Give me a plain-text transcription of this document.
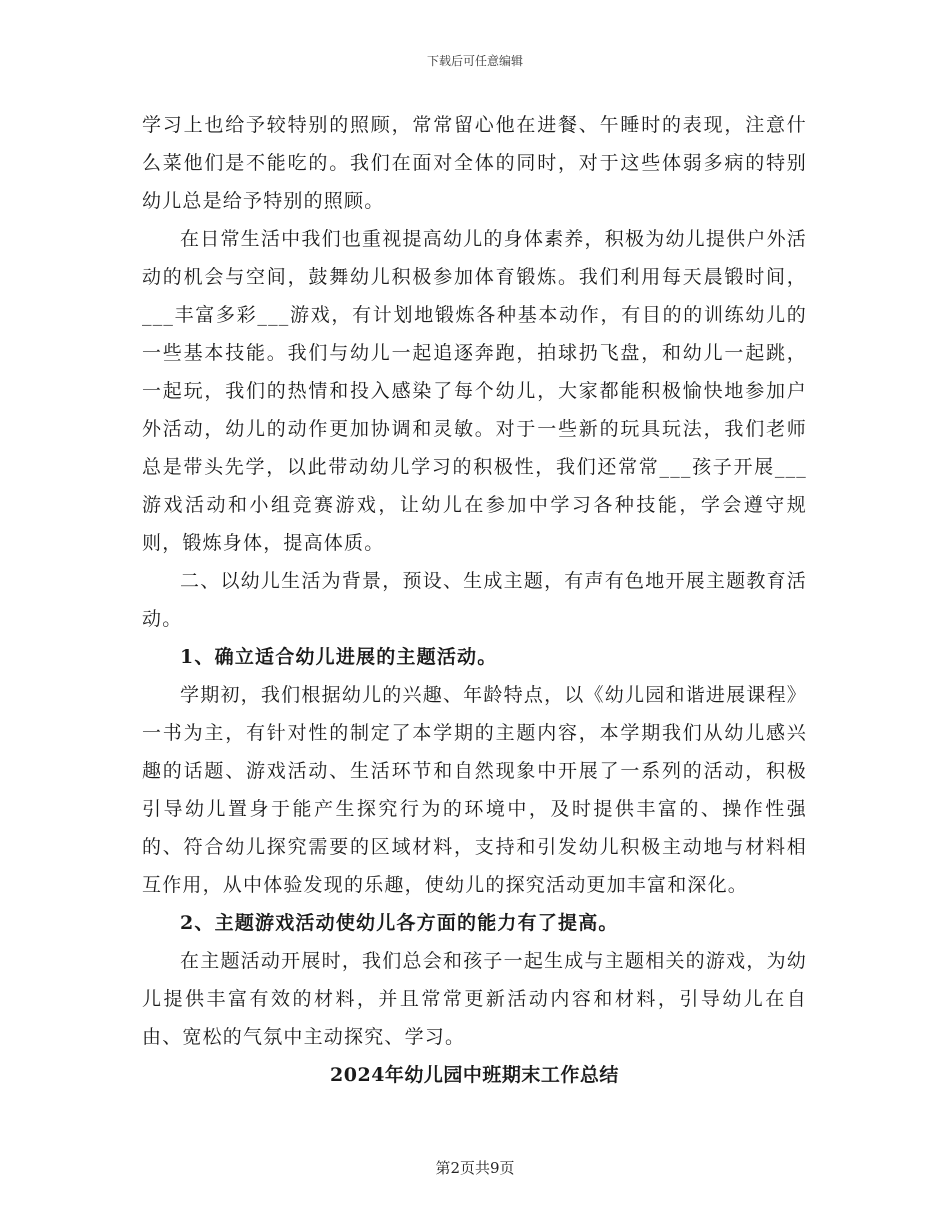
下载后可任意编辑

学习上也给予较特别的照顾，常常留心他在进餐、午睡时的表现，注意什么菜他们是不能吃的。我们在面对全体的同时，对于这些体弱多病的特别幼儿总是给予特别的照顾。

在日常生活中我们也重视提高幼儿的身体素养，积极为幼儿提供户外活动的机会与空间，鼓舞幼儿积极参加体育锻炼。我们利用每天晨锻时间，___丰富多彩___游戏，有计划地锻炼各种基本动作，有目的的训练幼儿的一些基本技能。我们与幼儿一起追逐奔跑，拍球扔飞盘，和幼儿一起跳，一起玩，我们的热情和投入感染了每个幼儿，大家都能积极愉快地参加户外活动，幼儿的动作更加协调和灵敏。对于一些新的玩具玩法，我们老师总是带头先学，以此带动幼儿学习的积极性，我们还常常___孩子开展___游戏活动和小组竞赛游戏，让幼儿在参加中学习各种技能，学会遵守规则，锻炼身体，提高体质。

二、以幼儿生活为背景，预设、生成主题，有声有色地开展主题教育活动。

1、确立适合幼儿进展的主题活动。

学期初，我们根据幼儿的兴趣、年龄特点，以《幼儿园和谐进展课程》一书为主，有针对性的制定了本学期的主题内容，本学期我们从幼儿感兴趣的话题、游戏活动、生活环节和自然现象中开展了一系列的活动，积极引导幼儿置身于能产生探究行为的环境中，及时提供丰富的、操作性强的、符合幼儿探究需要的区域材料，支持和引发幼儿积极主动地与材料相互作用，从中体验发现的乐趣，使幼儿的探究活动更加丰富和深化。

2、主题游戏活动使幼儿各方面的能力有了提高。

在主题活动开展时，我们总会和孩子一起生成与主题相关的游戏，为幼儿提供丰富有效的材料，并且常常更新活动内容和材料，引导幼儿在自由、宽松的气氛中主动探究、学习。

2024年幼儿园中班期末工作总结

第2页共9页
